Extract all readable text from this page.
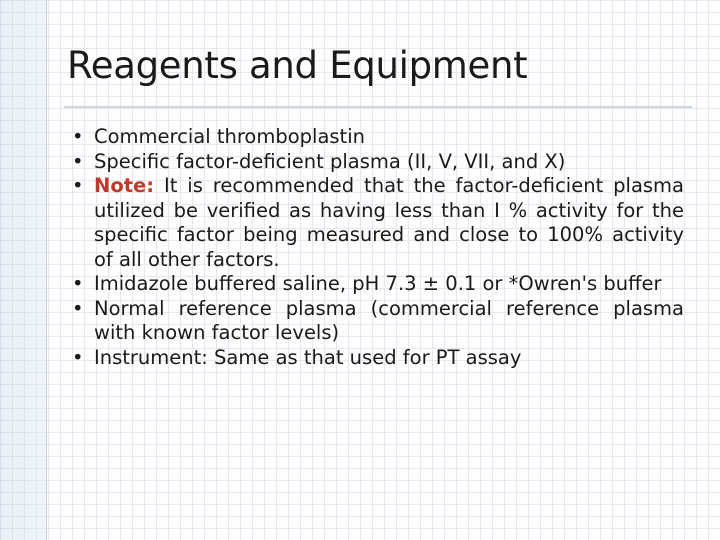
Reagents and Equipment
• Commercial thromboplastin
• Specific factor-deficient plasma (II, V, VII, and X)
• Note: It is recommended that the factor-deficient plasma utilized be verified as having less than I % activity for the specific factor being measured and close to 100% activity of all other factors.
• Imidazole buffered saline, pH 7.3 ± 0.1 or *Owren's buffer
• Normal reference plasma (commercial reference plasma with known factor levels)
• Instrument: Same as that used for PT assay
